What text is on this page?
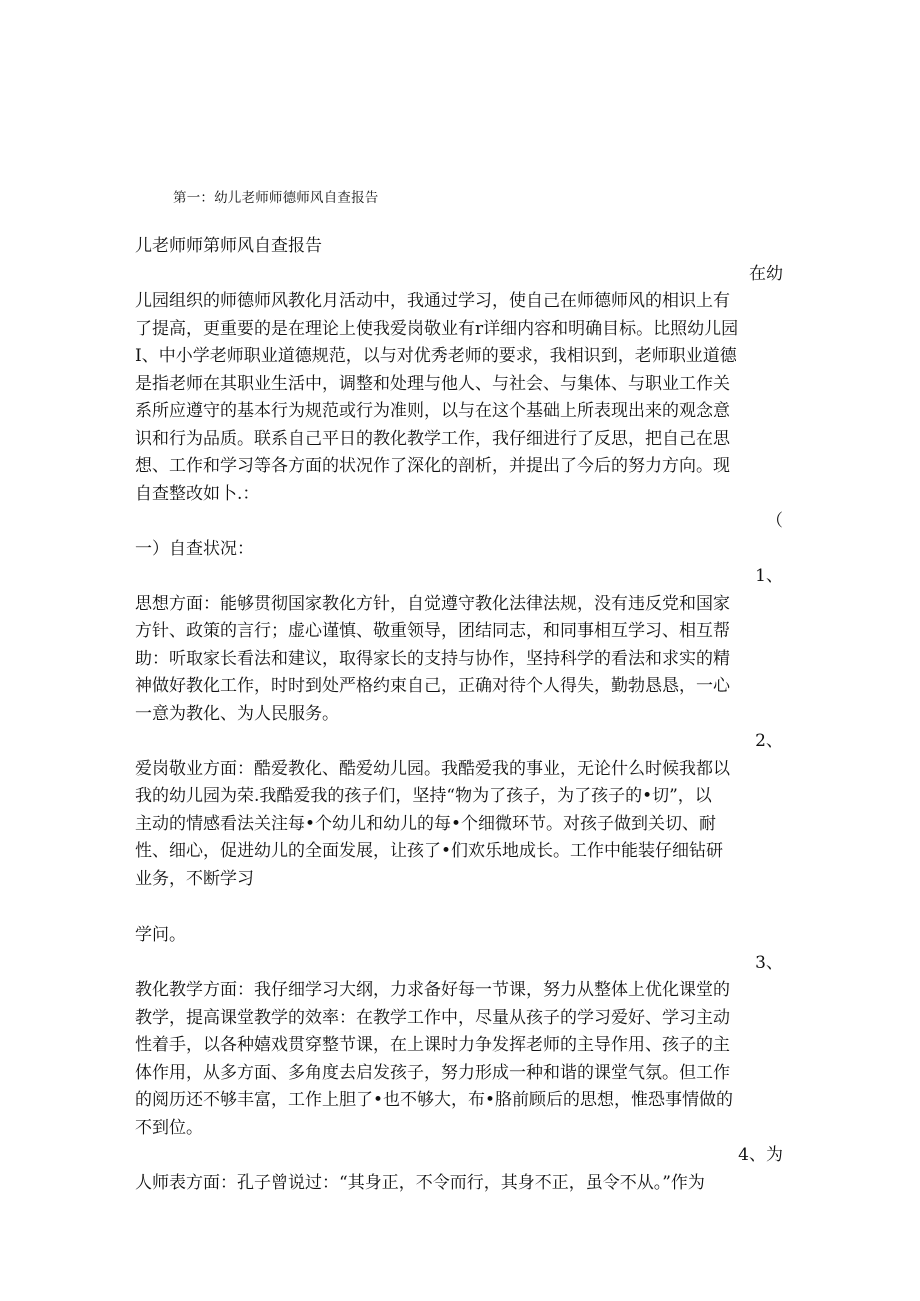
第一：幼儿老师师德师风自查报告
儿老师师第师风自查报告
在幼
儿园组织的师德师风教化月活动中，我通过学习，使自己在师德师风的相识上有
了提高，更重要的是在理论上使我爱岗敬业有r详细内容和明确目标。比照幼儿园
I、中小学老师职业道德规范，以与对优秀老师的要求，我相识到，老师职业道德
是指老师在其职业生活中，调整和处理与他人、与社会、与集体、与职业工作关
系所应遵守的基本行为规范或行为准则，以与在这个基础上所表现出来的观念意
识和行为品质。联系自己平日的教化教学工作，我仔细进行了反思，把自己在思
想、工作和学习等各方面的状况作了深化的剖析，并提出了今后的努力方向。现
自查整改如卜.：
（
一）自查状况：
1、
思想方面：能够贯彻国家教化方针，自觉遵守教化法律法规，没有违反党和国家
方针、政策的言行；虚心谨慎、敬重领导，团结同志，和同事相互学习、相互帮
助：听取家长看法和建议，取得家长的支持与协作，坚持科学的看法和求实的精
神做好教化工作，时时到处严格约束自己，正确对待个人得失，勤勃恳恳，一心
一意为教化、为人民服务。
2、
爱岗敬业方面：酷爱教化、酷爱幼儿园。我酷爱我的事业，无论什么时候我都以
我的幼儿园为荣.我酷爱我的孩子们，坚持“物为了孩子，为了孩子的•切”，以
主动的情感看法关注每•个幼儿和幼儿的每•个细微环节。对孩子做到关切、耐
性、细心，促进幼儿的全面发展，让孩了•们欢乐地成长。工作中能装仔细钻研
业务，不断学习
学问。
3、
教化教学方面：我仔细学习大纲，力求备好每一节课，努力从整体上优化课堂的
教学，提高课堂教学的效率：在教学工作中，尽量从孩子的学习爱好、学习主动
性着手，以各种嬉戏贯穿整节课，在上课时力争发挥老师的主导作用、孩子的主
体作用，从多方面、多角度去启发孩子，努力形成一种和谐的课堂气氛。但工作
的阅历还不够丰富，工作上胆了•也不够大，布•胳前顾后的思想，惟恐事情做的
不到位。
4、为
人师表方面：孔子曾说过：“其身正，不令而行，其身不正，虽令不从。”作为
